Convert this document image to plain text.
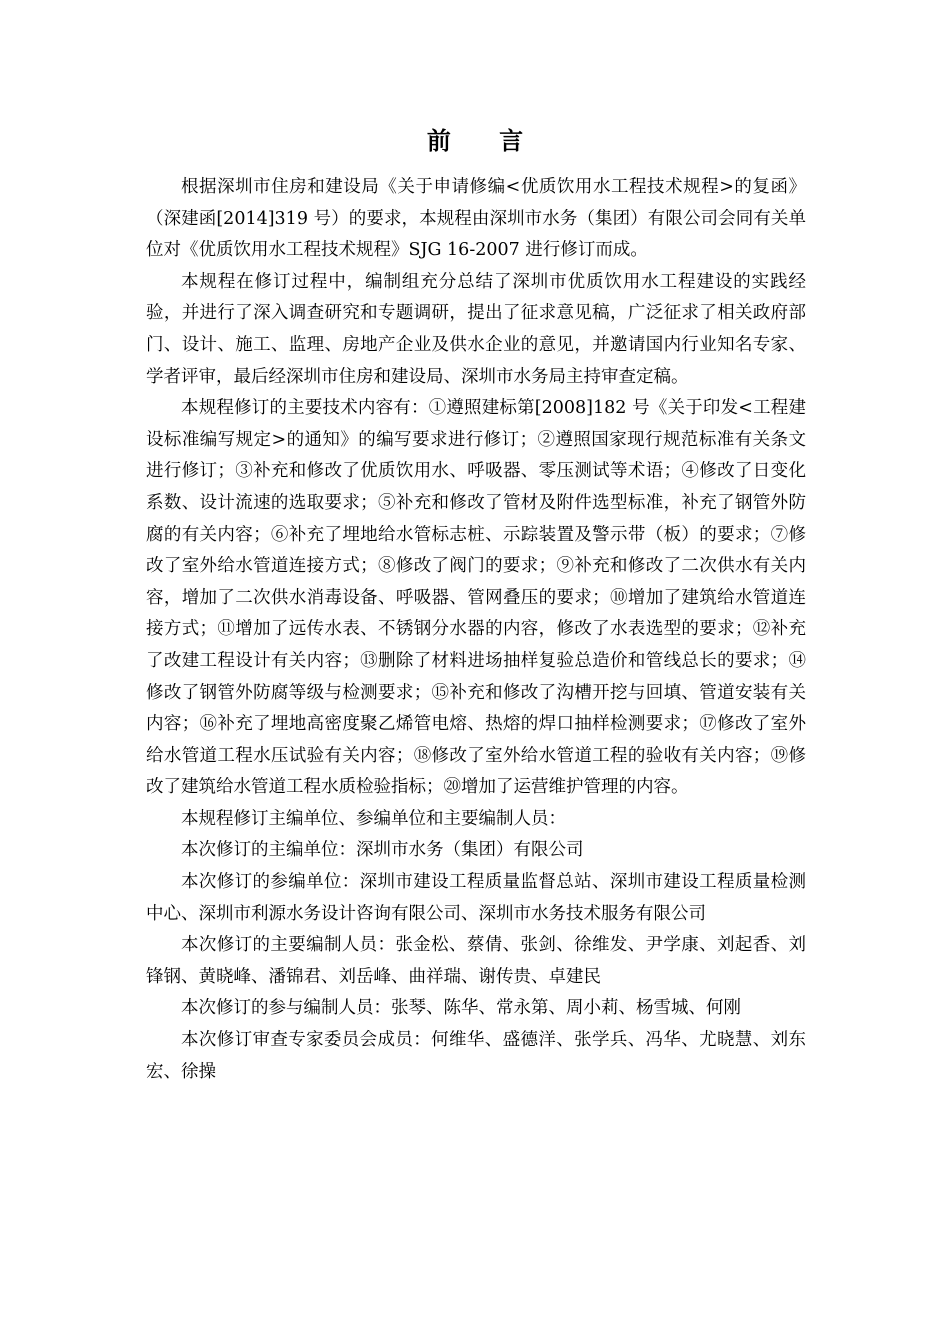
前 言

根据深圳市住房和建设局《关于申请修编<优质饮用水工程技术规程>的复函》（深建函[2014]319 号）的要求，本规程由深圳市水务（集团）有限公司会同有关单位对《优质饮用水工程技术规程》SJG 16-2007 进行修订而成。

本规程在修订过程中，编制组充分总结了深圳市优质饮用水工程建设的实践经验，并进行了深入调查研究和专题调研，提出了征求意见稿，广泛征求了相关政府部门、设计、施工、监理、房地产企业及供水企业的意见，并邀请国内行业知名专家、学者评审，最后经深圳市住房和建设局、深圳市水务局主持审查定稿。

本规程修订的主要技术内容有：①遵照建标第[2008]182 号《关于印发<工程建设标准编写规定>的通知》的编写要求进行修订；②遵照国家现行规范标准有关条文进行修订；③补充和修改了优质饮用水、呼吸器、零压测试等术语；④修改了日变化系数、设计流速的选取要求；⑤补充和修改了管材及附件选型标准，补充了钢管外防腐的有关内容；⑥补充了埋地给水管标志桩、示踪装置及警示带（板）的要求；⑦修改了室外给水管道连接方式；⑧修改了阀门的要求；⑨补充和修改了二次供水有关内容，增加了二次供水消毒设备、呼吸器、管网叠压的要求；⑩增加了建筑给水管道连接方式；⑪增加了远传水表、不锈钢分水器的内容，修改了水表选型的要求；⑫补充了改建工程设计有关内容；⑬删除了材料进场抽样复验总造价和管线总长的要求；⑭修改了钢管外防腐等级与检测要求；⑮补充和修改了沟槽开挖与回填、管道安装有关内容；⑯补充了埋地高密度聚乙烯管电熔、热熔的焊口抽样检测要求；⑰修改了室外给水管道工程水压试验有关内容；⑱修改了室外给水管道工程的验收有关内容；⑲修改了建筑给水管道工程水质检验指标；⑳增加了运营维护管理的内容。

本规程修订主编单位、参编单位和主要编制人员：

本次修订的主编单位：深圳市水务（集团）有限公司

本次修订的参编单位：深圳市建设工程质量监督总站、深圳市建设工程质量检测中心、深圳市利源水务设计咨询有限公司、深圳市水务技术服务有限公司

本次修订的主要编制人员：张金松、蔡倩、张剑、徐维发、尹学康、刘起香、刘锋钢、黄晓峰、潘锦君、刘岳峰、曲祥瑞、谢传贵、卓建民

本次修订的参与编制人员：张琴、陈华、常永第、周小莉、杨雪城、何刚

本次修订审查专家委员会成员：何维华、盛德洋、张学兵、冯华、尤晓慧、刘东宏、徐操
